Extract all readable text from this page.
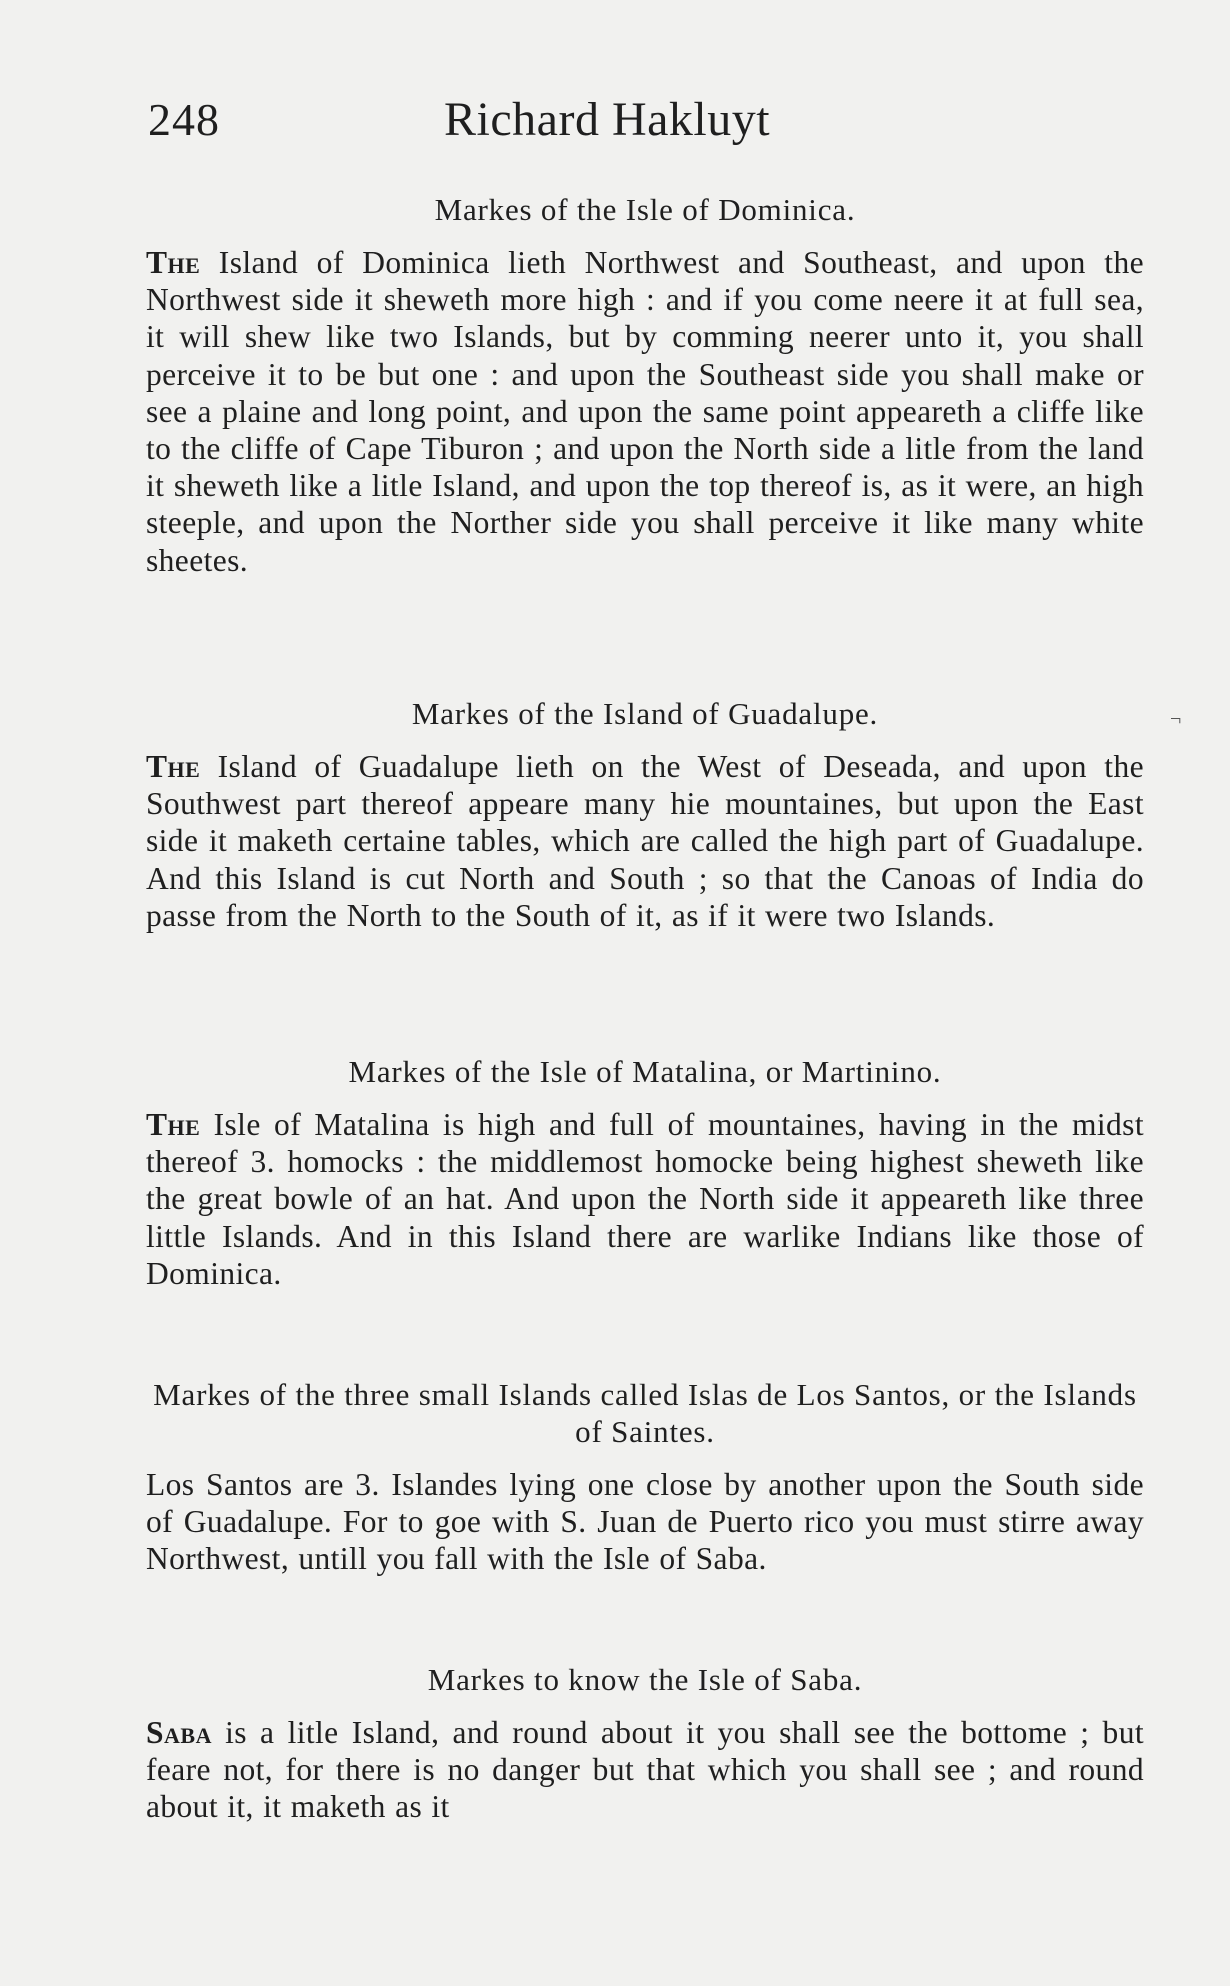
248	Richard Hakluyt
Markes of the Isle of Dominica.

The Island of Dominica lieth Northwest and Southeast, and upon the Northwest side it sheweth more high : and if you come neere it at full sea, it will shew like two Islands, but by comming neerer unto it, you shall perceive it to be but one : and upon the Southeast side you shall make or see a plaine and long point, and upon the same point appeareth a cliffe like to the cliffe of Cape Tiburon ; and upon the North side a litle from the land it sheweth like a litle Island, and upon the top thereof is, as it were, an high steeple, and upon the Norther side you shall perceive it like many white sheetes.

Markes of the Island of Guadalupe.

The Island of Guadalupe lieth on the West of Deseada, and upon the Southwest part thereof appeare many hie mountaines, but upon the East side it maketh certaine tables, which are called the high part of Guadalupe. And this Island is cut North and South ; so that the Canoas of India do passe from the North to the South of it, as if it were two Islands.

Markes of the Isle of Matalina, or Martinino.

The Isle of Matalina is high and full of mountaines, having in the midst thereof 3. homocks : the middlemost homocke being highest sheweth like the great bowle of an hat. And upon the North side it appeareth like three little Islands. And in this Island there are warlike Indians like those of Dominica.

Markes of the three small Islands called Islas de Los Santos, or the Islands of Saintes.

Los Santos are 3. Islandes lying one close by another upon the South side of Guadalupe. For to goe with S. Juan de Puerto rico you must stirre away Northwest, untill you fall with the Isle of Saba.

Markes to know the Isle of Saba.

Saba is a litle Island, and round about it you shall see the bottome ; but feare not, for there is no danger but that which you shall see ; and round about it, it maketh as it

¬
